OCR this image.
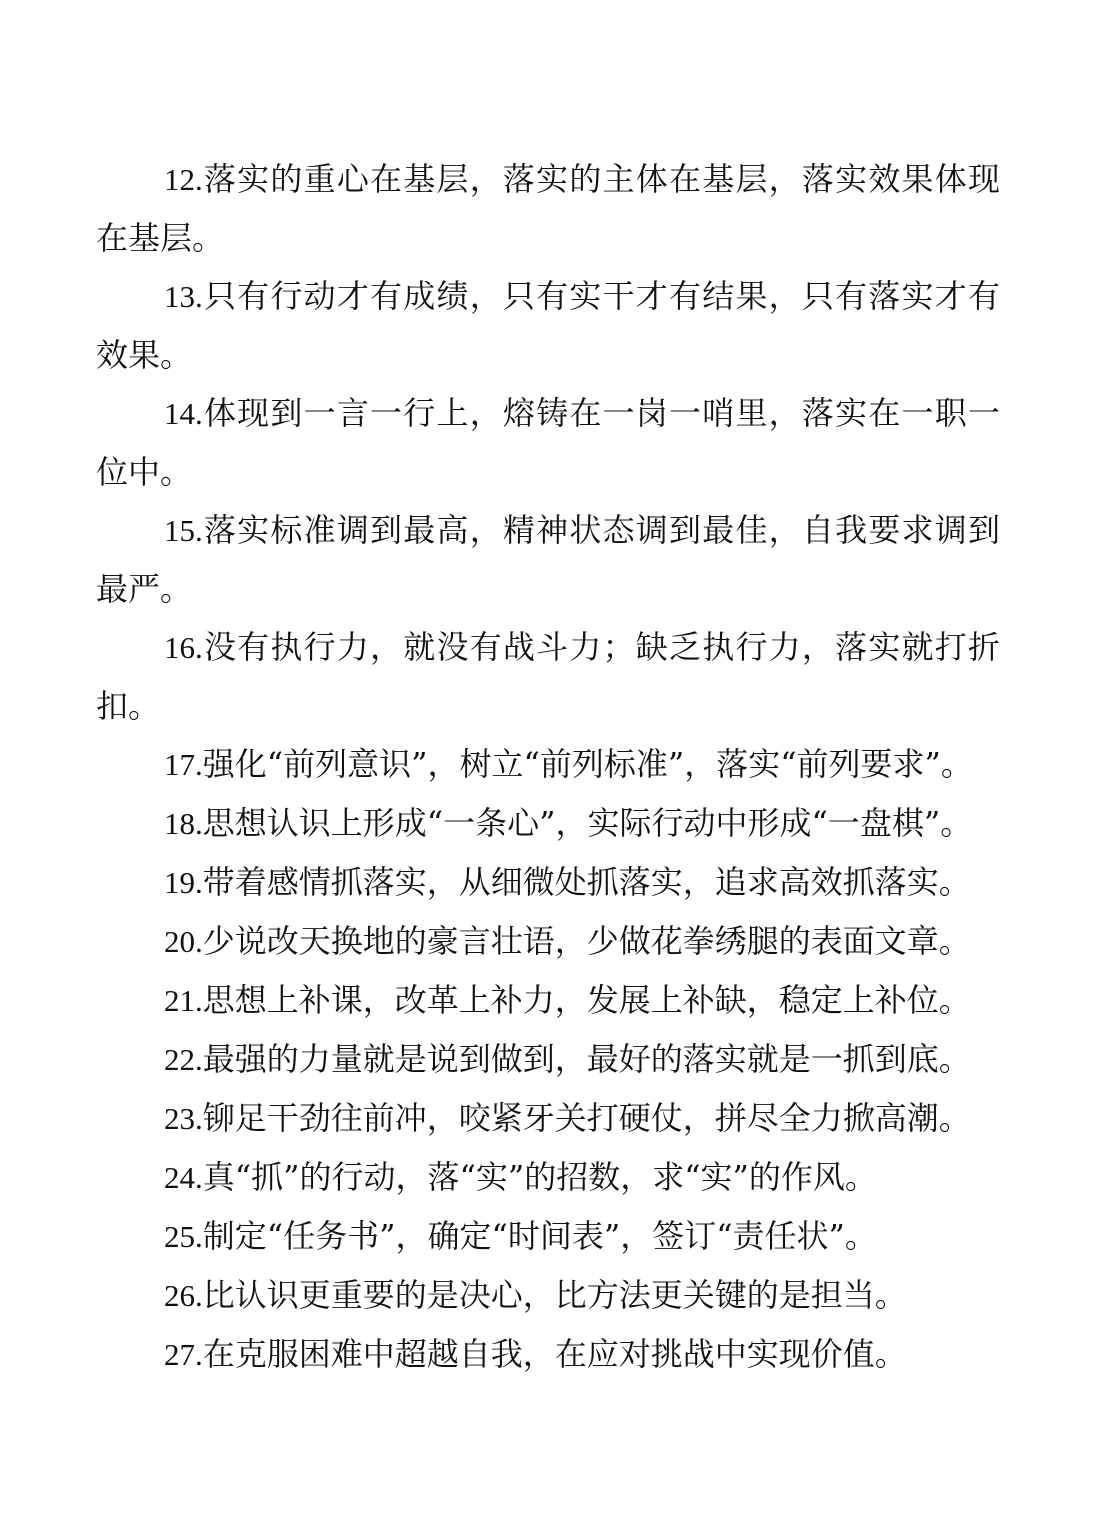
12.落实的重心在基层，落实的主体在基层，落实效果体现在基层。

13.只有行动才有成绩，只有实干才有结果，只有落实才有效果。

14.体现到一言一行上，熔铸在一岗一哨里，落实在一职一位中。

15.落实标准调到最高，精神状态调到最佳，自我要求调到最严。

16.没有执行力，就没有战斗力；缺乏执行力，落实就打折扣。

17.强化“前列意识”，树立“前列标准”，落实“前列要求”。

18.思想认识上形成“一条心”，实际行动中形成“一盘棋”。

19.带着感情抓落实，从细微处抓落实，追求高效抓落实。

20.少说改天换地的豪言壮语，少做花拳绣腿的表面文章。

21.思想上补课，改革上补力，发展上补缺，稳定上补位。

22.最强的力量就是说到做到，最好的落实就是一抓到底。

23.铆足干劲往前冲，咬紧牙关打硬仗，拼尽全力掀高潮。

24.真“抓”的行动，落“实”的招数，求“实”的作风。

25.制定“任务书”，确定“时间表”，签订“责任状”。

26.比认识更重要的是决心，比方法更关键的是担当。

27.在克服困难中超越自我，在应对挑战中实现价值。
